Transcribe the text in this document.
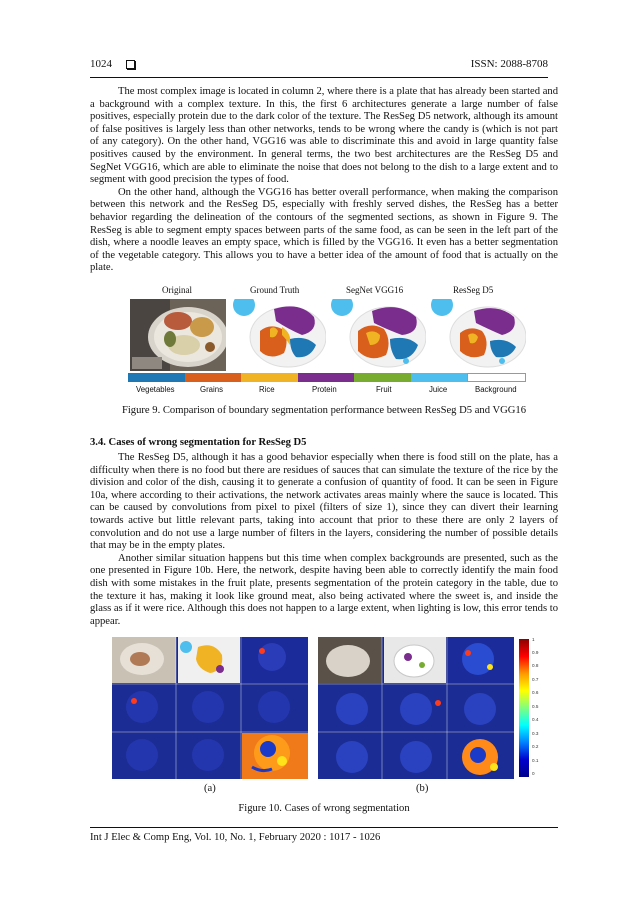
1024	ISSN: 2088-8708

The most complex image is located in column 2, where there is a plate that has already been started and a background with a complex texture. In this, the first 6 architectures generate a large number of false positives, especially protein due to the dark color of the texture. The ResSeg D5 network, although its amount of false positives is largely less than other networks, tends to be wrong where the candy is (which is not part of any category). On the other hand, VGG16 was able to discriminate this and avoid in large quantity false positives caused by the environment. In general terms, the two best architectures are the ResSeg D5 and SegNet VGG16, which are able to eliminate the noise that does not belong to the dish to a large extent and to segment with good precision the types of food.

On the other hand, although the VGG16 has better overall performance, when making the comparison between this network and the ResSeg D5, especially with freshly served dishes, the ResSeg has a better behavior regarding the delineation of the contours of the segmented sections, as shown in Figure 9. The ResSeg is able to segment empty spaces between parts of the same food, as can be seen in the left part of the dish, where a noodle leaves an empty space, which is filled by the VGG16. It even has a better segmentation of the vegetable category. This allows you to have a better idea of the amount of food that is actually on the plate.

Original	Ground Truth	SegNet VGG16	ResSeg D5
Vegetables	Grains	Rice	Protein	Fruit	Juice	Background
Figure 9. Comparison of boundary segmentation performance between ResSeg D5 and VGG16
3.4. Cases of wrong segmentation for ResSeg D5

The ResSeg D5, although it has a good behavior especially when there is food still on the plate, has a difficulty when there is no food but there are residues of sauces that can simulate the texture of the rice by the division and color of the dish, causing it to generate a confusion of quantity of food. It can be seen in Figure 10a, where according to their activations, the network activates areas mainly where the sauce is located. This can be caused by convolutions from pixel to pixel (filters of size 1), since they can divert their learning towards active but little relevant parts, taking into account that prior to these there are only 2 layers of convolution and do not use a large number of filters in the layers, considering the number of possible details that may be in the empty plates.

Another similar situation happens but this time when complex backgrounds are presented, such as the one presented in Figure 10b. Here, the network, despite having been able to correctly identify the main food dish with some mistakes in the fruit plate, presents segmentation of the protein category in the table, due to the texture it has, making it look like ground meat, also being activated where the sweet is, and inside the glass as if it were rice. Although this does not happen to a large extent, when lighting is low, this error tends to appear.

1
0.9
0.8
0.7
0.6
0.5
0.4
0.3
0.2
0.1
0
(a)	(b)
Figure 10. Cases of wrong segmentation
Int J Elec & Comp Eng, Vol. 10, No. 1, February 2020 : 1017 - 1026
